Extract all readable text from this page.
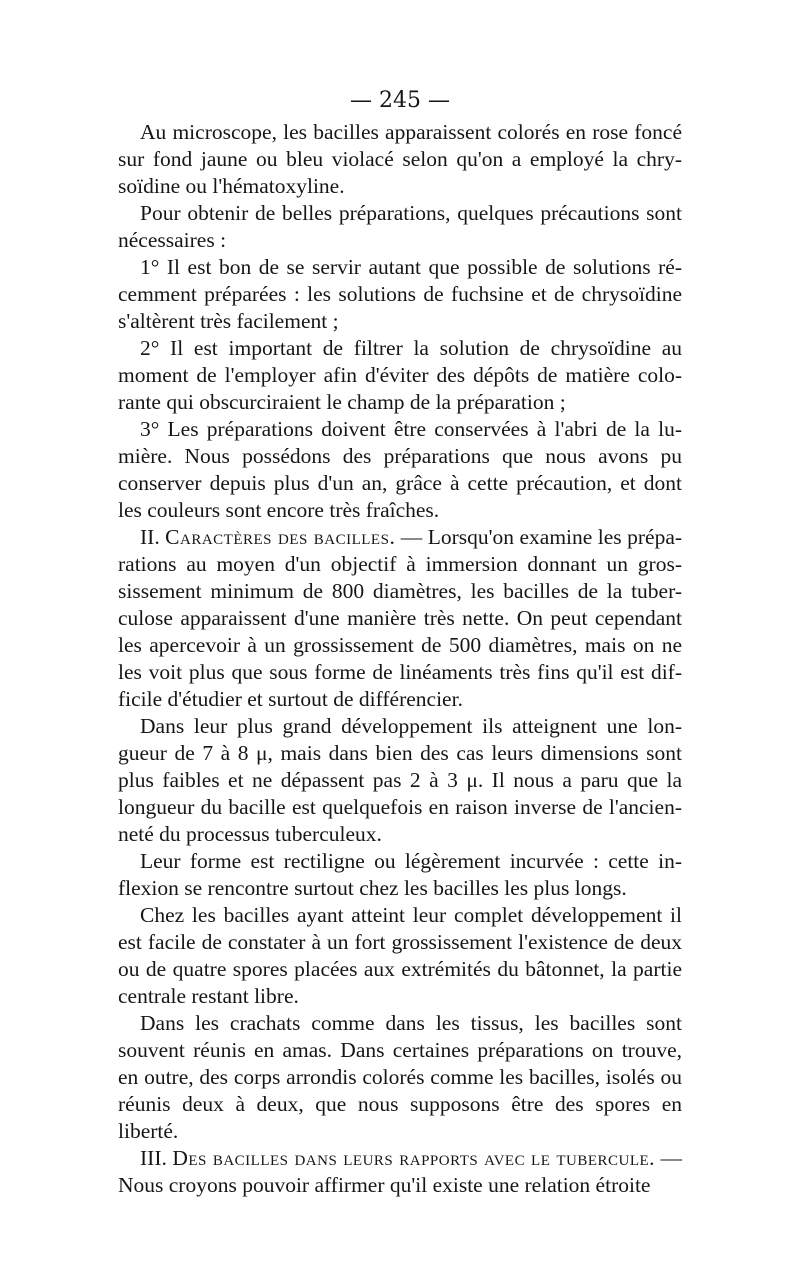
— 245 —

Au microscope, les bacilles apparaissent colorés en rose foncé sur fond jaune ou bleu violacé selon qu'on a employé la chry-soïdine ou l'hématoxyline.

Pour obtenir de belles préparations, quelques précautions sont nécessaires :

1° Il est bon de se servir autant que possible de solutions ré-cemment préparées : les solutions de fuchsine et de chrysoïdine s'altèrent très facilement ;

2° Il est important de filtrer la solution de chrysoïdine au moment de l'employer afin d'éviter des dépôts de matière colo-rante qui obscurciraient le champ de la préparation ;

3° Les préparations doivent être conservées à l'abri de la lu-mière. Nous possédons des préparations que nous avons pu conserver depuis plus d'un an, grâce à cette précaution, et dont les couleurs sont encore très fraîches.

II. Caractères des bacilles. — Lorsqu'on examine les prépa-rations au moyen d'un objectif à immersion donnant un gros-sissement minimum de 800 diamètres, les bacilles de la tuber-culose apparaissent d'une manière très nette. On peut cependant les apercevoir à un grossissement de 500 diamètres, mais on ne les voit plus que sous forme de linéaments très fins qu'il est dif-ficile d'étudier et surtout de différencier.

Dans leur plus grand développement ils atteignent une lon-gueur de 7 à 8 μ, mais dans bien des cas leurs dimensions sont plus faibles et ne dépassent pas 2 à 3 μ. Il nous a paru que la longueur du bacille est quelquefois en raison inverse de l'ancien-neté du processus tuberculeux.

Leur forme est rectiligne ou légèrement incurvée : cette in-flexion se rencontre surtout chez les bacilles les plus longs.

Chez les bacilles ayant atteint leur complet développement il est facile de constater à un fort grossissement l'existence de deux ou de quatre spores placées aux extrémités du bâtonnet, la partie centrale restant libre.

Dans les crachats comme dans les tissus, les bacilles sont souvent réunis en amas. Dans certaines préparations on trouve, en outre, des corps arrondis colorés comme les bacilles, isolés ou réunis deux à deux, que nous supposons être des spores en liberté.

III. Des bacilles dans leurs rapports avec le tubercule. — Nous croyons pouvoir affirmer qu'il existe une relation étroite
